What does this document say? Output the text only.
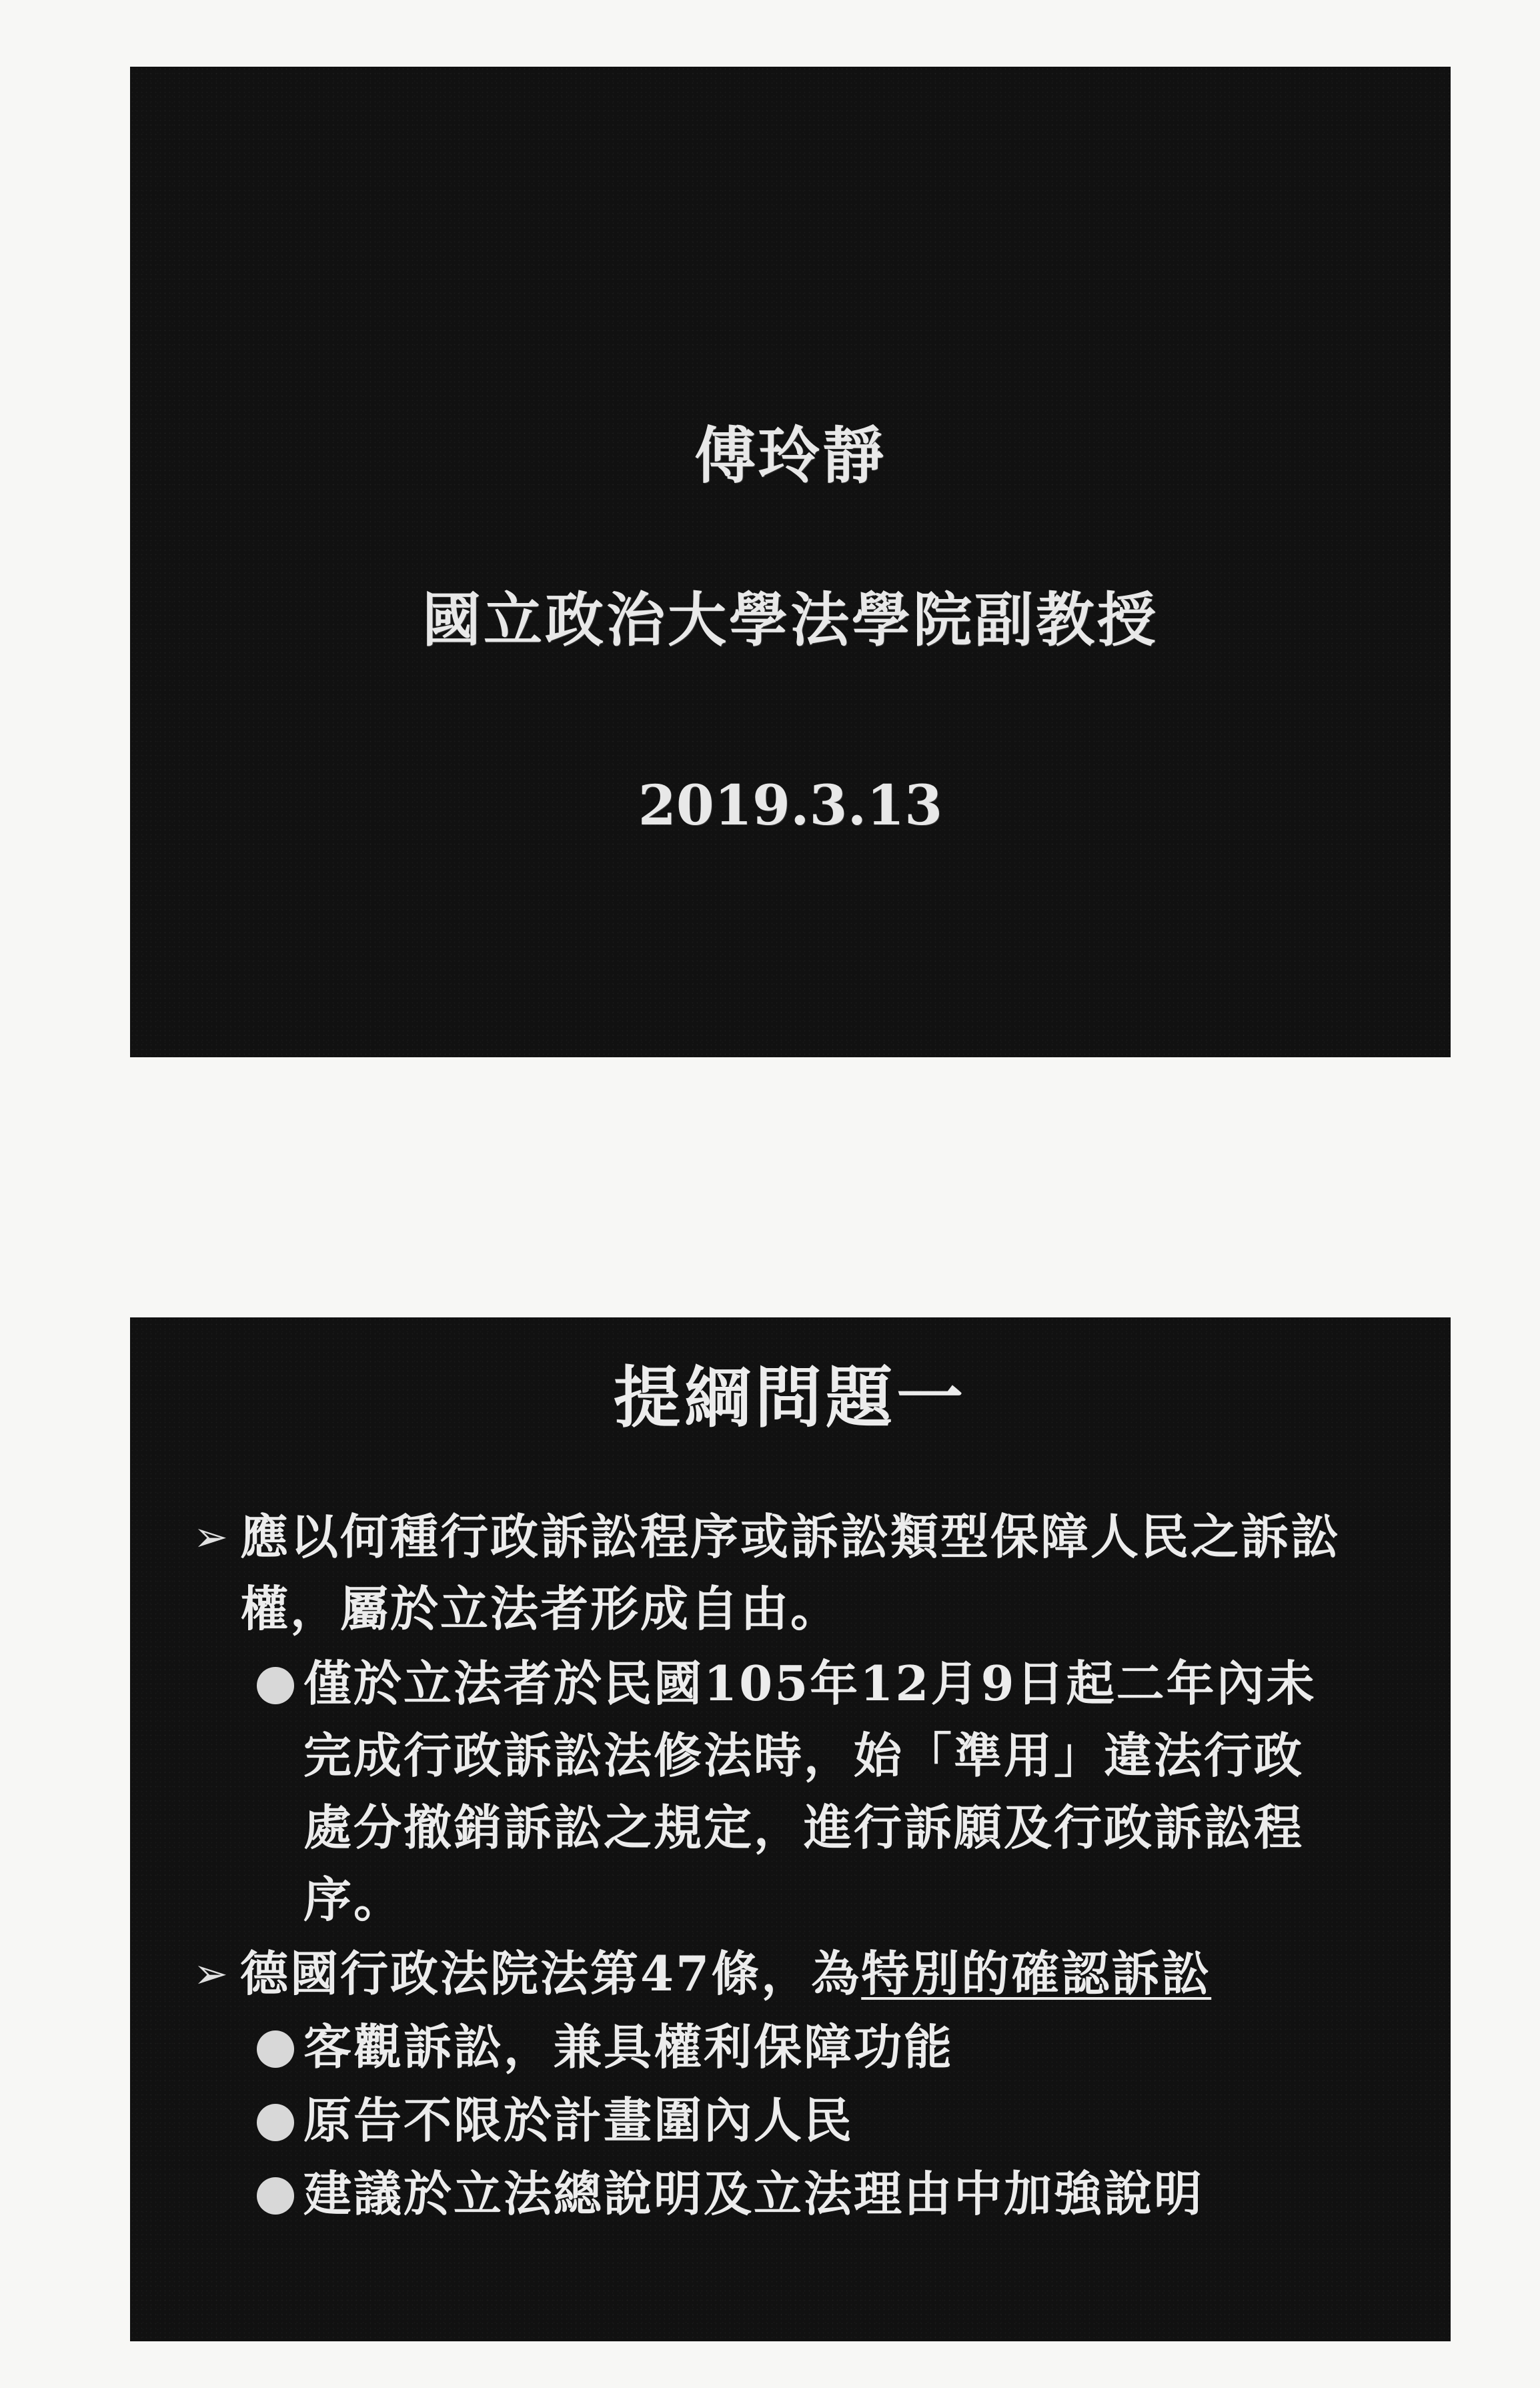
傅玲靜
國立政治大學法學院副教授
2019.3.13
提綱問題一
➢ 應以何種行政訴訟程序或訴訟類型保障人民之訴訟權，屬於立法者形成自由。
僅於立法者於民國105年12月9日起二年內未完成行政訴訟法修法時，始「準用」違法行政處分撤銷訴訟之規定，進行訴願及行政訴訟程序。
➢ 德國行政法院法第47條，為特別的確認訴訟
客觀訴訟，兼具權利保障功能
原告不限於計畫圍內人民
建議於立法總說明及立法理由中加強說明
